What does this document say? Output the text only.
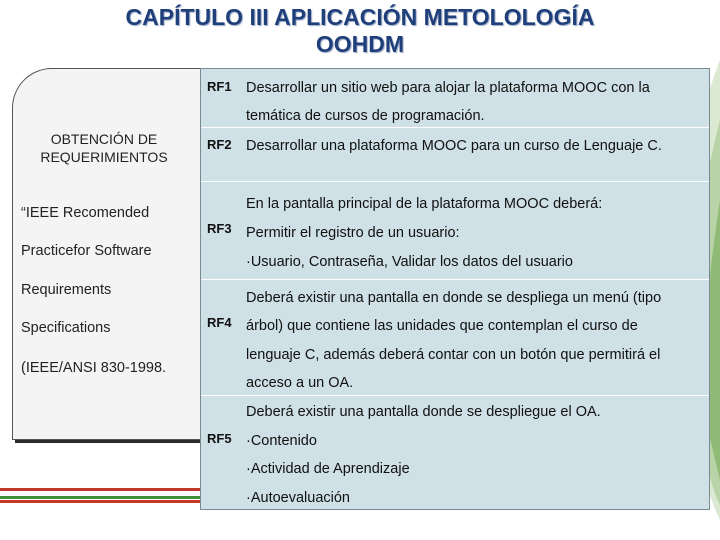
CAPÍTULO III APLICACIÓN METOLOLOGÍA
OOHDM
OBTENCIÓN DE
REQUERIMIENTOS
“IEEE Recomended
Practicefor Software
Requirements
Specifications
(IEEE/ANSI 830-1998.
RF1 Desarrollar un sitio web para alojar la plataforma MOOC con la
temática de cursos de programación.
RF2 Desarrollar una plataforma MOOC para un curso de Lenguaje C.
RF3
En la pantalla principal de la plataforma MOOC deberá:
Permitir el registro de un usuario:
·Usuario, Contraseña, Validar los datos del usuario
RF4
Deberá existir una pantalla en donde se despliega un menú (tipo
árbol) que contiene las unidades que contemplan el curso de
lenguaje C, además deberá contar con un botón que permitirá el
acceso a un OA.
RF5
Deberá existir una pantalla donde se despliegue el OA.
·Contenido
·Actividad de Aprendizaje
·Autoevaluación
